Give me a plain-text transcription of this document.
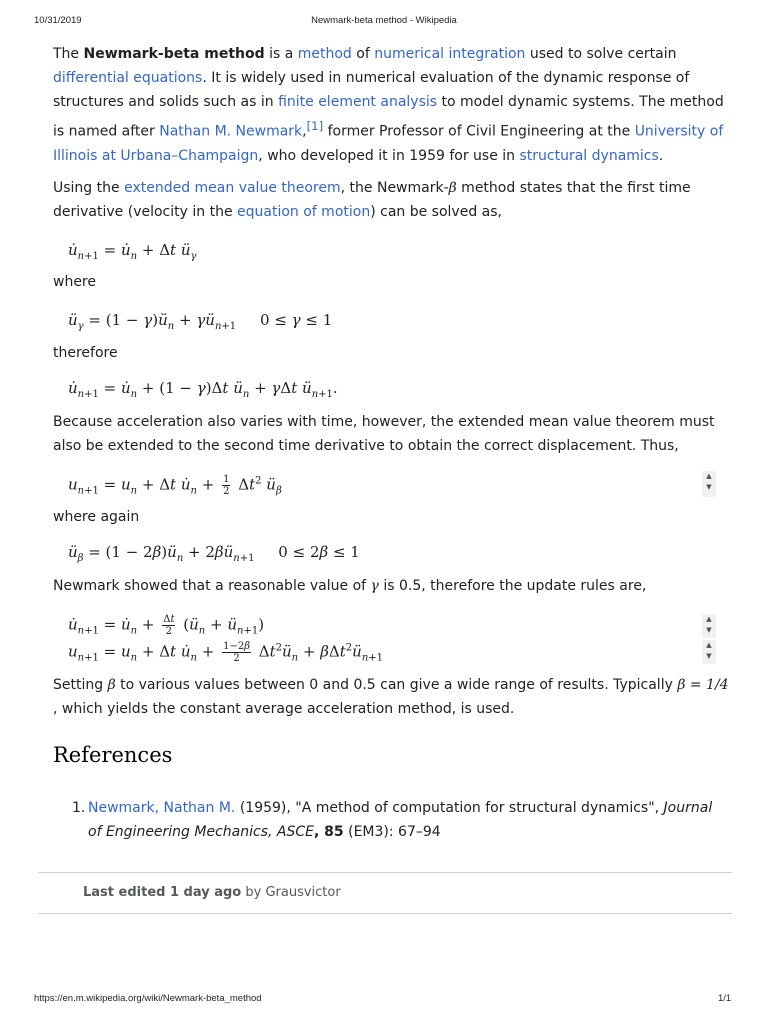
10/31/2019	Newmark-beta method - Wikipedia
The Newmark-beta method is a method of numerical integration used to solve certain differential equations. It is widely used in numerical evaluation of the dynamic response of structures and solids such as in finite element analysis to model dynamic systems. The method is named after Nathan M. Newmark,[1] former Professor of Civil Engineering at the University of Illinois at Urbana–Champaign, who developed it in 1959 for use in structural dynamics.
Using the extended mean value theorem, the Newmark-β method states that the first time derivative (velocity in the equation of motion) can be solved as,
$u̇_{n+1}$ = $u̇_n + \Delta t$ $ü_\gamma$
where
$ü_\gamma = (1$ − $\gamma)ü_n$ + $\gamma ü_{n+1}$     0 ≤ γ ≤ 1
therefore
$u̇_{n+1}$ = $u̇_n + (1 - \gamma)\Delta t$ $ü_n + \gamma\Delta t$ $ü_{n+1}$.
Because acceleration also varies with time, however, the extended mean value theorem must also be extended to the second time derivative to obtain the correct displacement. Thus,
$u_{n+1} = u_n + \Delta t$ $u̇_n + \frac{1}{2} \Delta t^2$ $ü_\beta$
▲
▼
where again
$ü_\beta = (1$ − $2\beta)ü_n$ + $2\beta ü_{n+1}$     0 ≤ 2β ≤ 1
Newmark showed that a reasonable value of γ is 0.5, therefore the update rules are,
$u̇_{n+1}$ = $u̇_n + \frac{\Delta t}{2}$ ($ü_n$ + $ü_{n+1}$)
$u_{n+1} = u_n + \Delta t$ $u̇_n + \frac{1-2\beta}{2}$ $\Delta t^2ü_n$ + $\beta\Delta t^2ü_{n+1}$
▲
▼
▲
▼
Setting β to various values between 0 and 0.5 can give a wide range of results. Typically β = 1/4
, which yields the constant average acceleration method, is used.
References
1. Newmark, Nathan M. (1959), "A method of computation for structural dynamics", Journal of Engineering Mechanics, ASCE, 85 (EM3): 67–94
Last edited 1 day ago by Grausvictor
https://en.m.wikipedia.org/wiki/Newmark-beta_method	1/1
